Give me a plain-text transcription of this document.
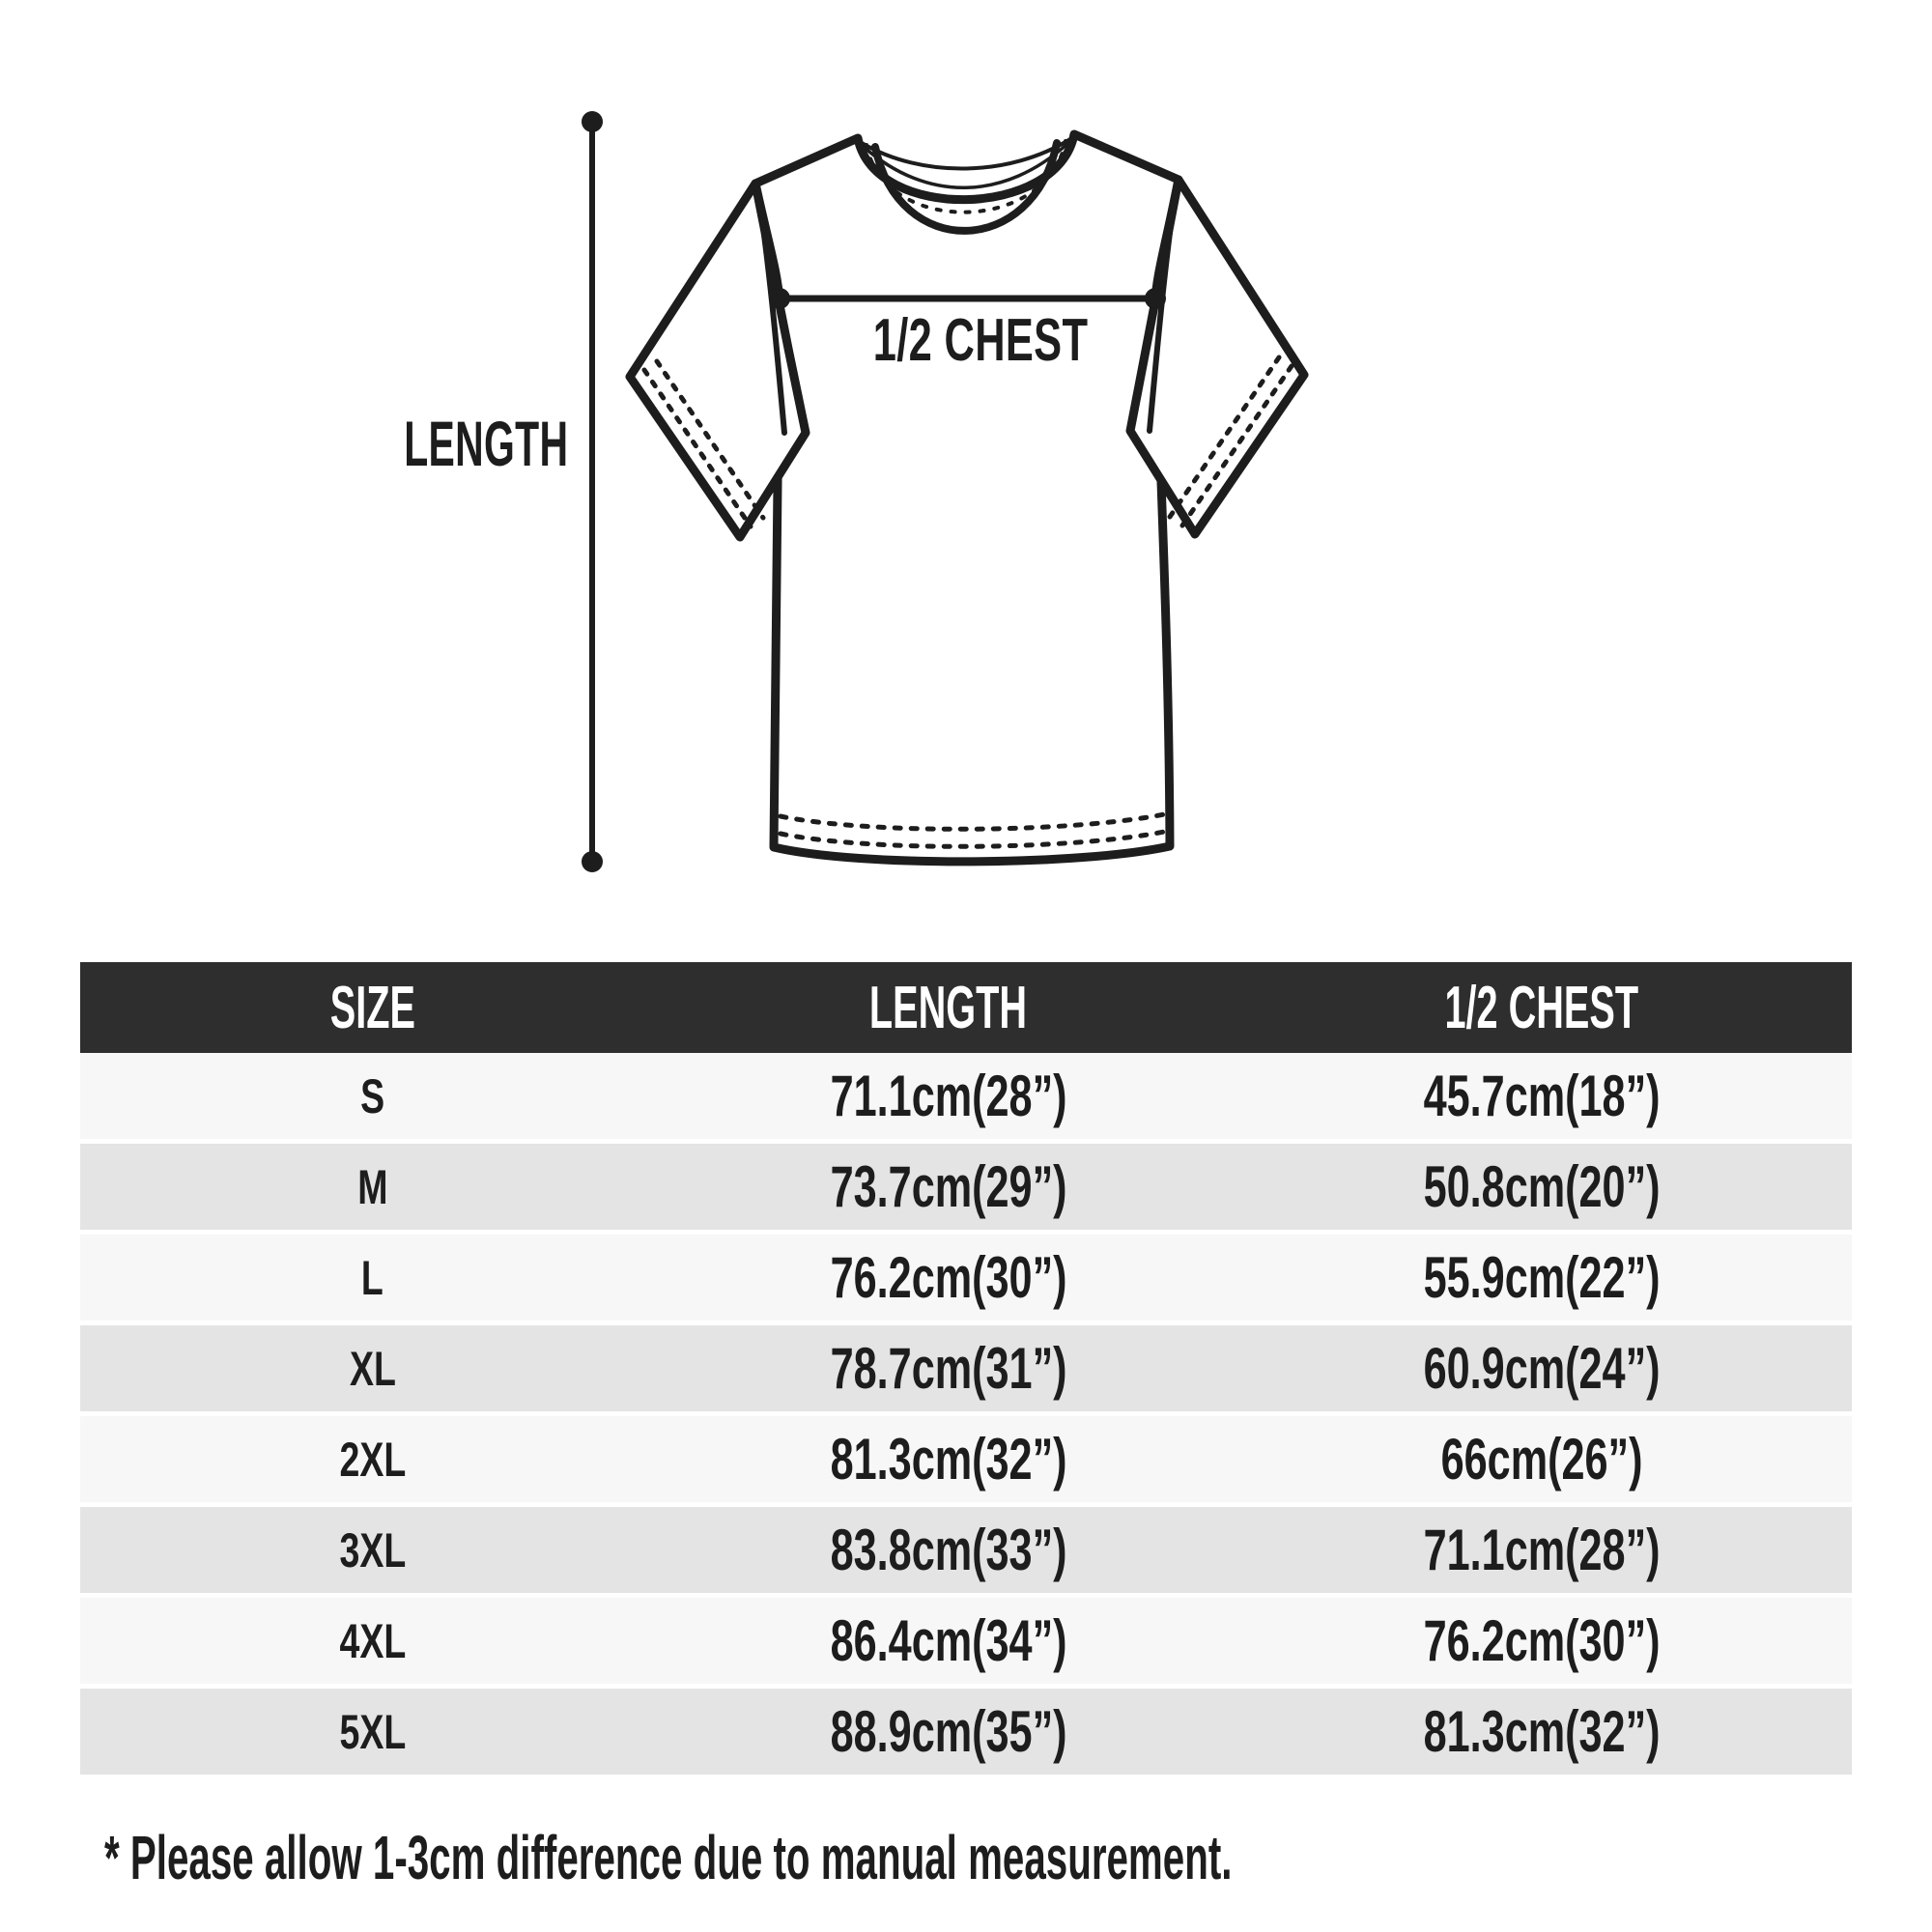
LENGTH
1/2 CHEST
SIZE	LENGTH	1/2 CHEST
S	71.1cm(28”)	45.7cm(18”)
M	73.7cm(29”)	50.8cm(20”)
L	76.2cm(30”)	55.9cm(22”)
XL	78.7cm(31”)	60.9cm(24”)
2XL	81.3cm(32”)	66cm(26”)
3XL	83.8cm(33”)	71.1cm(28”)
4XL	86.4cm(34”)	76.2cm(30”)
5XL	88.9cm(35”)	81.3cm(32”)
* Please allow 1-3cm difference due to manual measurement.
